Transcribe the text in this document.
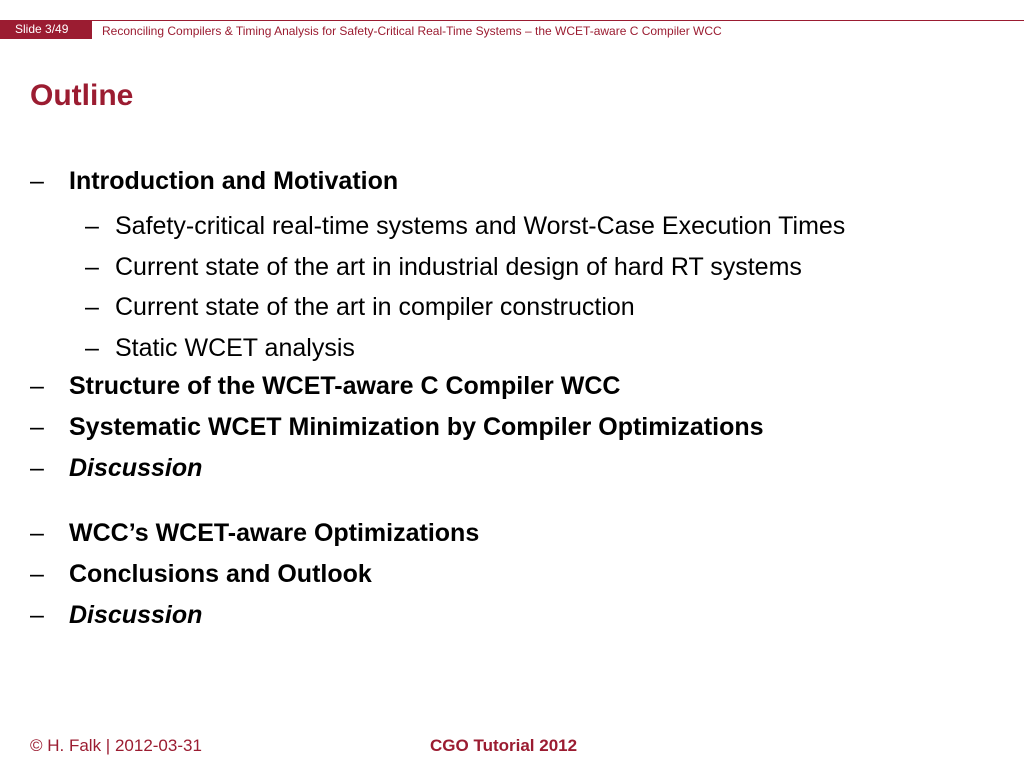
Slide 3/49	Reconciling Compilers & Timing Analysis for Safety-Critical Real-Time Systems – the WCET-aware C Compiler WCC
Outline
– Introduction and Motivation
– Safety-critical real-time systems and Worst-Case Execution Times
– Current state of the art in industrial design of hard RT systems
– Current state of the art in compiler construction
– Static WCET analysis
– Structure of the WCET-aware C Compiler WCC
– Systematic WCET Minimization by Compiler Optimizations
– Discussion
– WCC’s WCET-aware Optimizations
– Conclusions and Outlook
– Discussion
© H. Falk | 2012-03-31	CGO Tutorial 2012
